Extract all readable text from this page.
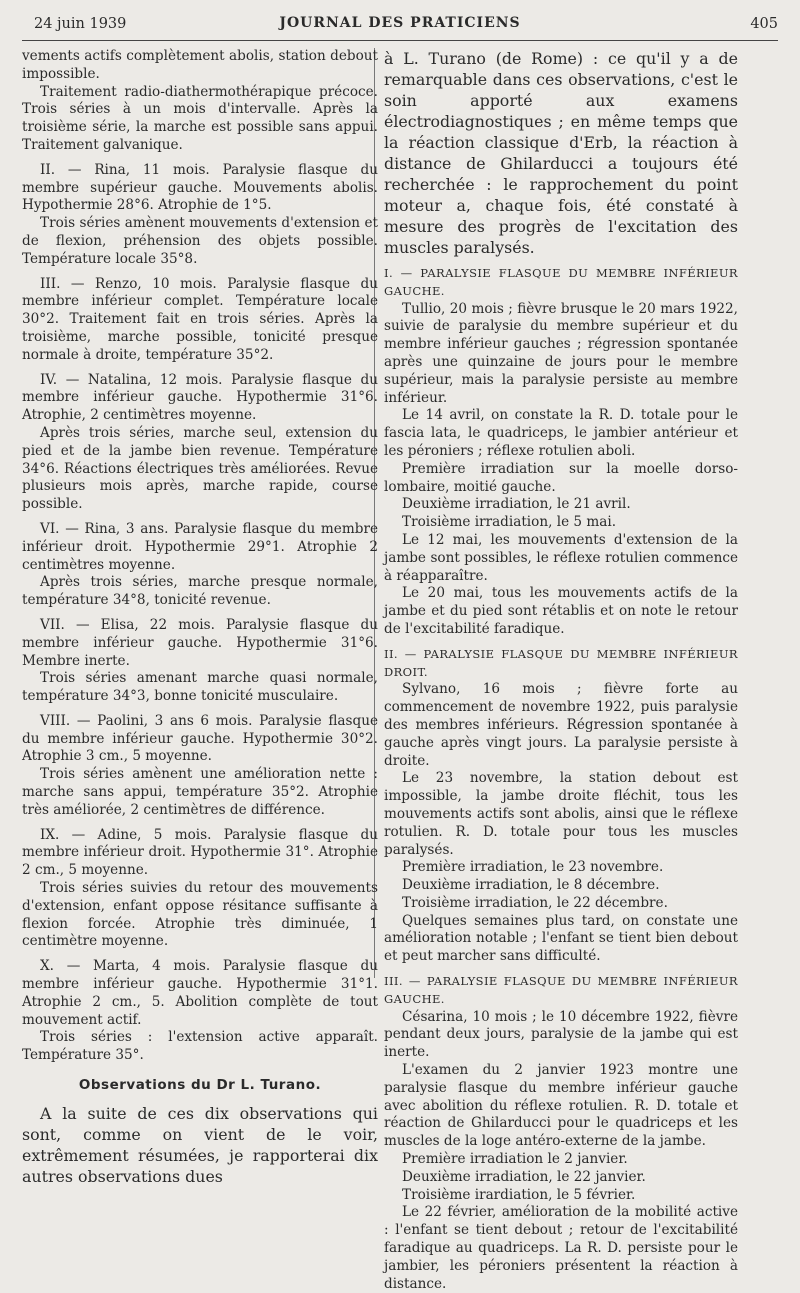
24 juin 1939	JOURNAL DES PRATICIENS	405

vements actifs complètement abolis, station debout impossible.

Traitement radio-diathermothérapique précoce. Trois séries à un mois d'intervalle. Après la troisième série, la marche est possible sans appui. Traitement galvanique.

II. — Rina, 11 mois. Paralysie flasque du membre supérieur gauche. Mouvements abolis. Hypothermie 28°6. Atrophie de 1°5.

Trois séries amènent mouvements d'extension et de flexion, préhension des objets possible. Température locale 35°8.

III. — Renzo, 10 mois. Paralysie flasque du membre inférieur complet. Température locale 30°2. Traitement fait en trois séries. Après la troisième, marche possible, tonicité presque normale à droite, température 35°2.

IV. — Natalina, 12 mois. Paralysie flasque du membre inférieur gauche. Hypothermie 31°6. Atrophie, 2 centimètres moyenne.

Après trois séries, marche seul, extension du pied et de la jambe bien revenue. Température 34°6. Réactions électriques très améliorées. Revue plusieurs mois après, marche rapide, course possible.

VI. — Rina, 3 ans. Paralysie flasque du membre inférieur droit. Hypothermie 29°1. Atrophie 2 centimètres moyenne.

Après trois séries, marche presque normale, température 34°8, tonicité revenue.

VII. — Elisa, 22 mois. Paralysie flasque du membre inférieur gauche. Hypothermie 31°6. Membre inerte.

Trois séries amenant marche quasi normale, température 34°3, bonne tonicité musculaire.

VIII. — Paolini, 3 ans 6 mois. Paralysie flasque du membre inférieur gauche. Hypothermie 30°2. Atrophie 3 cm., 5 moyenne.

Trois séries amènent une amélioration nette : marche sans appui, température 35°2. Atrophie très améliorée, 2 centimètres de différence.

IX. — Adine, 5 mois. Paralysie flasque du membre inférieur droit. Hypothermie 31°. Atrophie 2 cm., 5 moyenne.

Trois séries suivies du retour des mouvements d'extension, enfant oppose résitance suffisante à flexion forcée. Atrophie très diminuée, 1 centimètre moyenne.

X. — Marta, 4 mois. Paralysie flasque du membre inférieur gauche. Hypothermie 31°1. Atrophie 2 cm., 5. Abolition complète de tout mouvement actif.

Trois séries : l'extension active apparaît. Température 35°.

Observations du Dr L. Turano.

A la suite de ces dix observations qui sont, comme on vient de le voir, extrêmement résumées, je rapporterai dix autres observations dues

à L. Turano (de Rome) : ce qu'il y a de remarquable dans ces observations, c'est le soin apporté aux examens électrodiagnostiques ; en même temps que la réaction classique d'Erb, la réaction à distance de Ghilarducci a toujours été recherchée : le rapprochement du point moteur a, chaque fois, été constaté à mesure des progrès de l'excitation des muscles paralysés.

I. — PARALYSIE FLASQUE DU MEMBRE INFÉRIEUR GAUCHE.

Tullio, 20 mois ; fièvre brusque le 20 mars 1922, suivie de paralysie du membre supérieur et du membre inférieur gauches ; régression spontanée après une quinzaine de jours pour le membre supérieur, mais la paralysie persiste au membre inférieur.

Le 14 avril, on constate la R. D. totale pour le fascia lata, le quadriceps, le jambier antérieur et les péroniers ; réflexe rotulien aboli.

Première irradiation sur la moelle dorso-lombaire, moitié gauche.

Deuxième irradiation, le 21 avril.

Troisième irradiation, le 5 mai.

Le 12 mai, les mouvements d'extension de la jambe sont possibles, le réflexe rotulien commence à réapparaître.

Le 20 mai, tous les mouvements actifs de la jambe et du pied sont rétablis et on note le retour de l'excitabilité faradique.

II. — PARALYSIE FLASQUE DU MEMBRE INFÉRIEUR DROIT.

Sylvano, 16 mois ; fièvre forte au commencement de novembre 1922, puis paralysie des membres inférieurs. Régression spontanée à gauche après vingt jours. La paralysie persiste à droite.

Le 23 novembre, la station debout est impossible, la jambe droite fléchit, tous les mouvements actifs sont abolis, ainsi que le réflexe rotulien. R. D. totale pour tous les muscles paralysés.

Première irradiation, le 23 novembre.

Deuxième irradiation, le 8 décembre.

Troisième irradiation, le 22 décembre.

Quelques semaines plus tard, on constate une amélioration notable ; l'enfant se tient bien debout et peut marcher sans difficulté.

III. — PARALYSIE FLASQUE DU MEMBRE INFÉRIEUR GAUCHE.

Césarina, 10 mois ; le 10 décembre 1922, fièvre pendant deux jours, paralysie de la jambe qui est inerte.

L'examen du 2 janvier 1923 montre une paralysie flasque du membre inférieur gauche avec abolition du réflexe rotulien. R. D. totale et réaction de Ghilarducci pour le quadriceps et les muscles de la loge antéro-externe de la jambe.

Première irradiation le 2 janvier.

Deuxième irradiation, le 22 janvier.

Troisième irardiation, le 5 février.

Le 22 février, amélioration de la mobilité active : l'enfant se tient debout ; retour de l'excitabilité faradique au quadriceps. La R. D. persiste pour le jambier, les péroniers présentent la réaction à distance.
